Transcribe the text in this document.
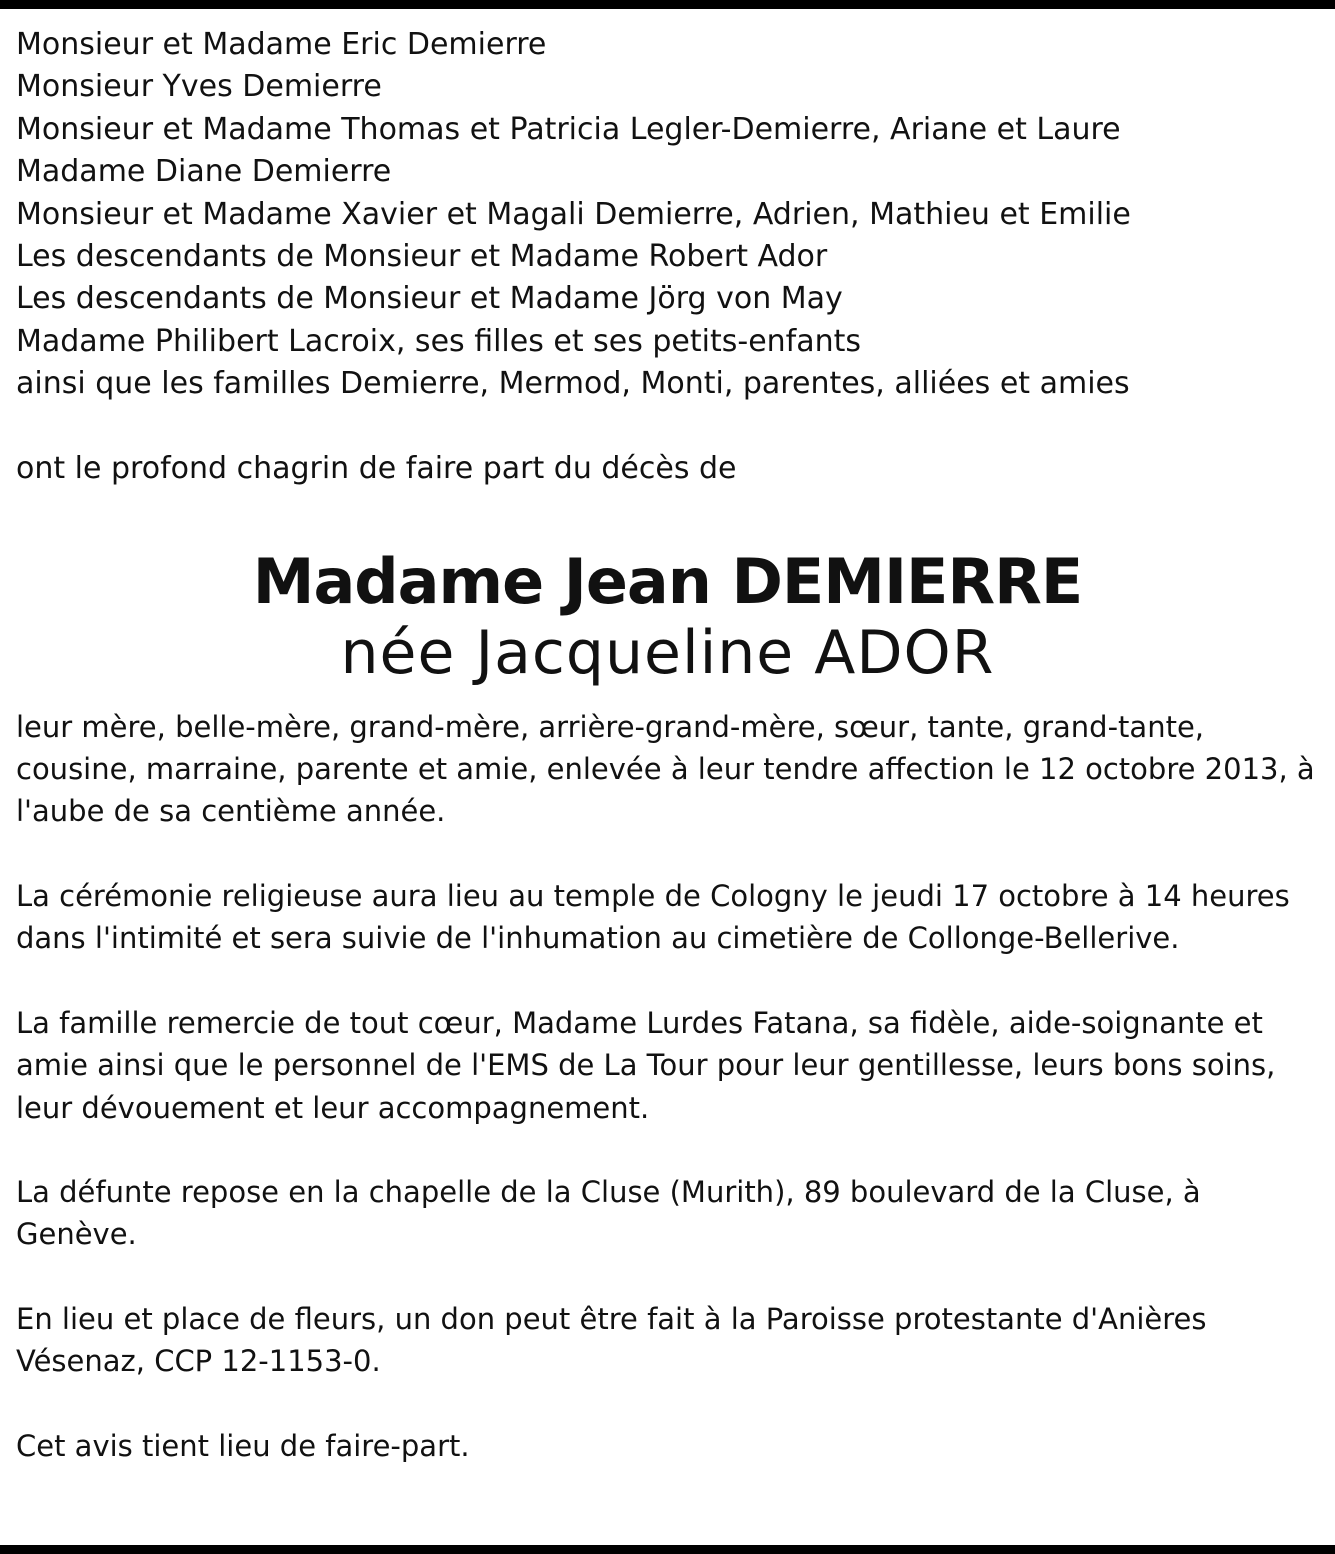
Monsieur et Madame Eric Demierre

Monsieur Yves Demierre

Monsieur et Madame Thomas et Patricia Legler-Demierre, Ariane et Laure

Madame Diane Demierre

Monsieur et Madame Xavier et Magali Demierre, Adrien, Mathieu et Emilie

Les descendants de Monsieur et Madame Robert Ador

Les descendants de Monsieur et Madame Jörg von May

Madame Philibert Lacroix, ses filles et ses petits-enfants

ainsi que les familles Demierre, Mermod, Monti, parentes, alliées et amies

ont le profond chagrin de faire part du décès de

Madame Jean DEMIERRE
née Jacqueline ADOR

leur mère, belle-mère, grand-mère, arrière-grand-mère, sœur, tante, grand-tante, cousine, marraine, parente et amie, enlevée à leur tendre affection le 12 octobre 2013, à l'aube de sa centième année.

La cérémonie religieuse aura lieu au temple de Cologny le jeudi 17 octobre à 14 heures dans l'intimité et sera suivie de l'inhumation au cimetière de Collonge-Bellerive.

La famille remercie de tout cœur, Madame Lurdes Fatana, sa fidèle, aide-soignante et amie ainsi que le personnel de l'EMS de La Tour pour leur gentillesse, leurs bons soins, leur dévouement et leur accompagnement.

La défunte repose en la chapelle de la Cluse (Murith), 89 boulevard de la Cluse, à Genève.

En lieu et place de fleurs, un don peut être fait à la Paroisse protestante d'Anières Vésenaz, CCP 12-1153-0.

Cet avis tient lieu de faire-part.
